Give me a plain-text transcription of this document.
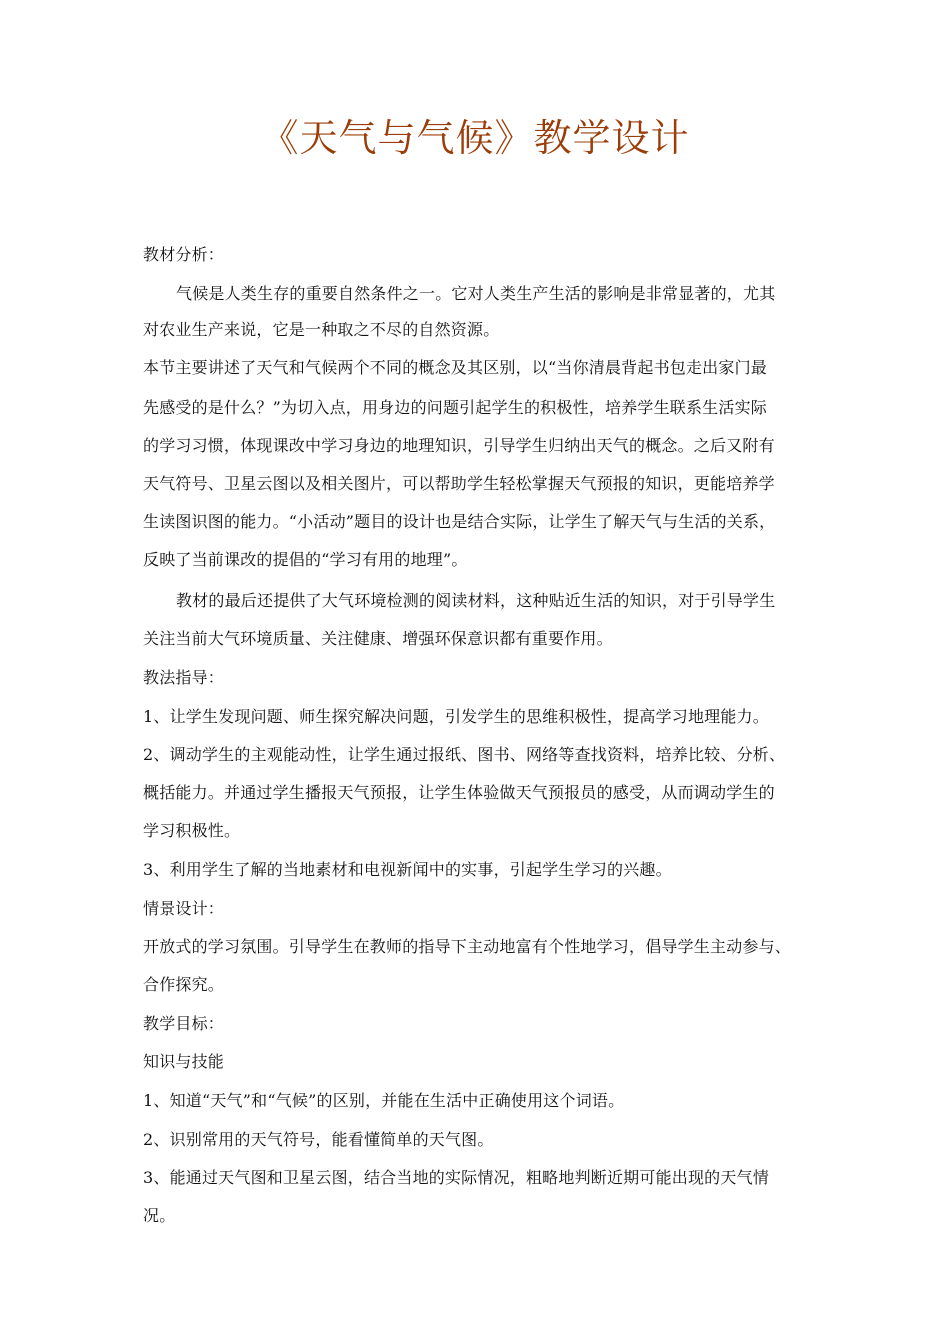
《天气与气候》教学设计
教材分析：
气候是人类生存的重要自然条件之一。它对人类生产生活的影响是非常显著的，尤其
对农业生产来说，它是一种取之不尽的自然资源。
本节主要讲述了天气和气候两个不同的概念及其区别，以“当你清晨背起书包走出家门最
先感受的是什么？”为切入点，用身边的问题引起学生的积极性，培养学生联系生活实际
的学习习惯，体现课改中学习身边的地理知识，引导学生归纳出天气的概念。之后又附有
天气符号、卫星云图以及相关图片，可以帮助学生轻松掌握天气预报的知识，更能培养学
生读图识图的能力。“小活动”题目的设计也是结合实际，让学生了解天气与生活的关系，
反映了当前课改的提倡的“学习有用的地理”。
教材的最后还提供了大气环境检测的阅读材料，这种贴近生活的知识，对于引导学生
关注当前大气环境质量、关注健康、增强环保意识都有重要作用。
教法指导：
1、让学生发现问题、师生探究解决问题，引发学生的思维积极性，提高学习地理能力。
2、调动学生的主观能动性，让学生通过报纸、图书、网络等查找资料，培养比较、分析、
概括能力。并通过学生播报天气预报，让学生体验做天气预报员的感受，从而调动学生的
学习积极性。
3、利用学生了解的当地素材和电视新闻中的实事，引起学生学习的兴趣。
情景设计：
开放式的学习氛围。引导学生在教师的指导下主动地富有个性地学习，倡导学生主动参与、
合作探究。
教学目标：
知识与技能
1、知道“天气”和“气候”的区别，并能在生活中正确使用这个词语。
2、识别常用的天气符号，能看懂简单的天气图。
3、能通过天气图和卫星云图，结合当地的实际情况，粗略地判断近期可能出现的天气情
况。
